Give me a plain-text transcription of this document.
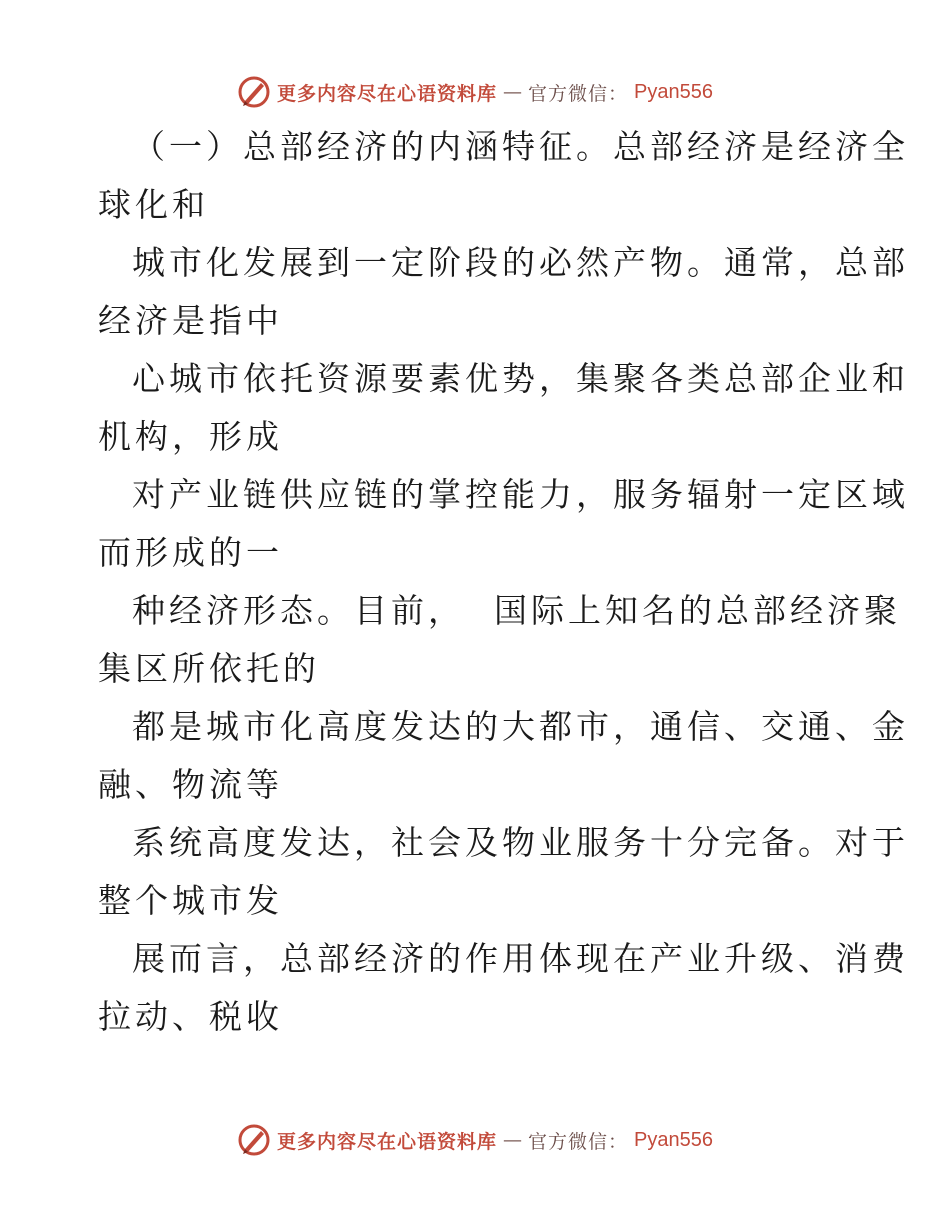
更多内容尽在心语资料库 — 官方微信： Pyan556
（一）总部经济的内涵特征。总部经济是经济全
球化和
城市化发展到一定阶段的必然产物。通常，总部
经济是指中
心城市依托资源要素优势，集聚各类总部企业和
机构，形成
对产业链供应链的掌控能力，服务辐射一定区域
而形成的一
种经济形态。目前，  国际上知名的总部经济聚
集区所依托的
都是城市化高度发达的大都市，通信、交通、金
融、物流等
系统高度发达，社会及物业服务十分完备。对于
整个城市发
展而言，总部经济的作用体现在产业升级、消费
拉动、税收
更多内容尽在心语资料库 — 官方微信： Pyan556
